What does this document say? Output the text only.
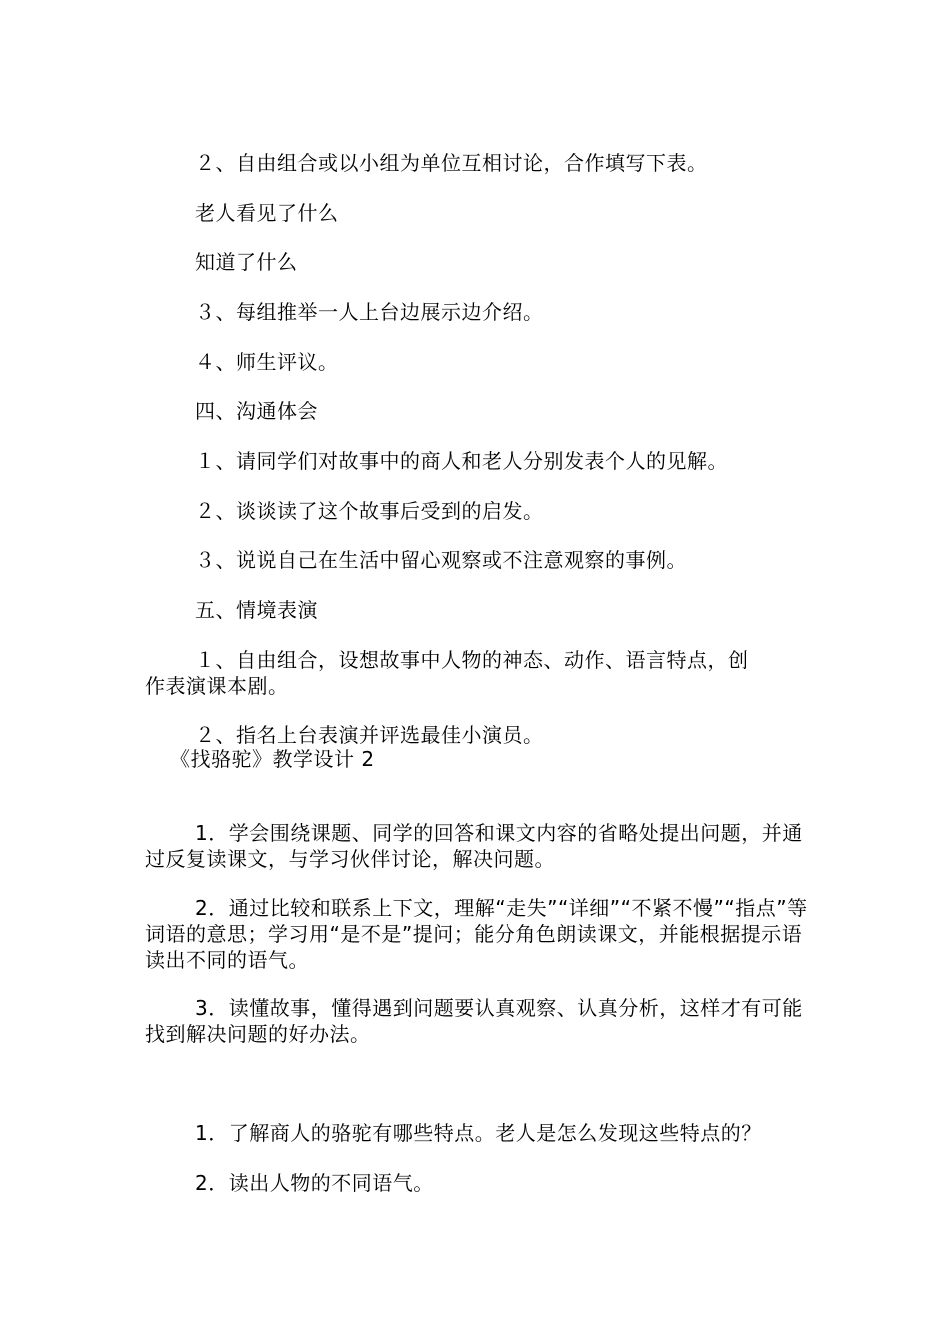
２、自由组合或以小组为单位互相讨论，合作填写下表。

老人看见了什么

知道了什么

３、每组推举一人上台边展示边介绍。

４、师生评议。

四、沟通体会

１、请同学们对故事中的商人和老人分别发表个人的见解。

２、谈谈读了这个故事后受到的启发。

３、说说自己在生活中留心观察或不注意观察的事例。

五、情境表演

１、自由组合，设想故事中人物的神态、动作、语言特点，创

作表演课本剧。

２、指名上台表演并评选最佳小演员。

《找骆驼》教学设计 2

1．学会围绕课题、同学的回答和课文内容的省略处提出问题，并通过反复读课文，与学习伙伴讨论，解决问题。

2．通过比较和联系上下文，理解“走失”“详细”“不紧不慢”“指点”等词语的意思；学习用“是不是”提问；能分角色朗读课文，并能根据提示语读出不同的语气。

3．读懂故事，懂得遇到问题要认真观察、认真分析，这样才有可能找到解决问题的好办法。

1．了解商人的骆驼有哪些特点。老人是怎么发现这些特点的？

2．读出人物的不同语气。
